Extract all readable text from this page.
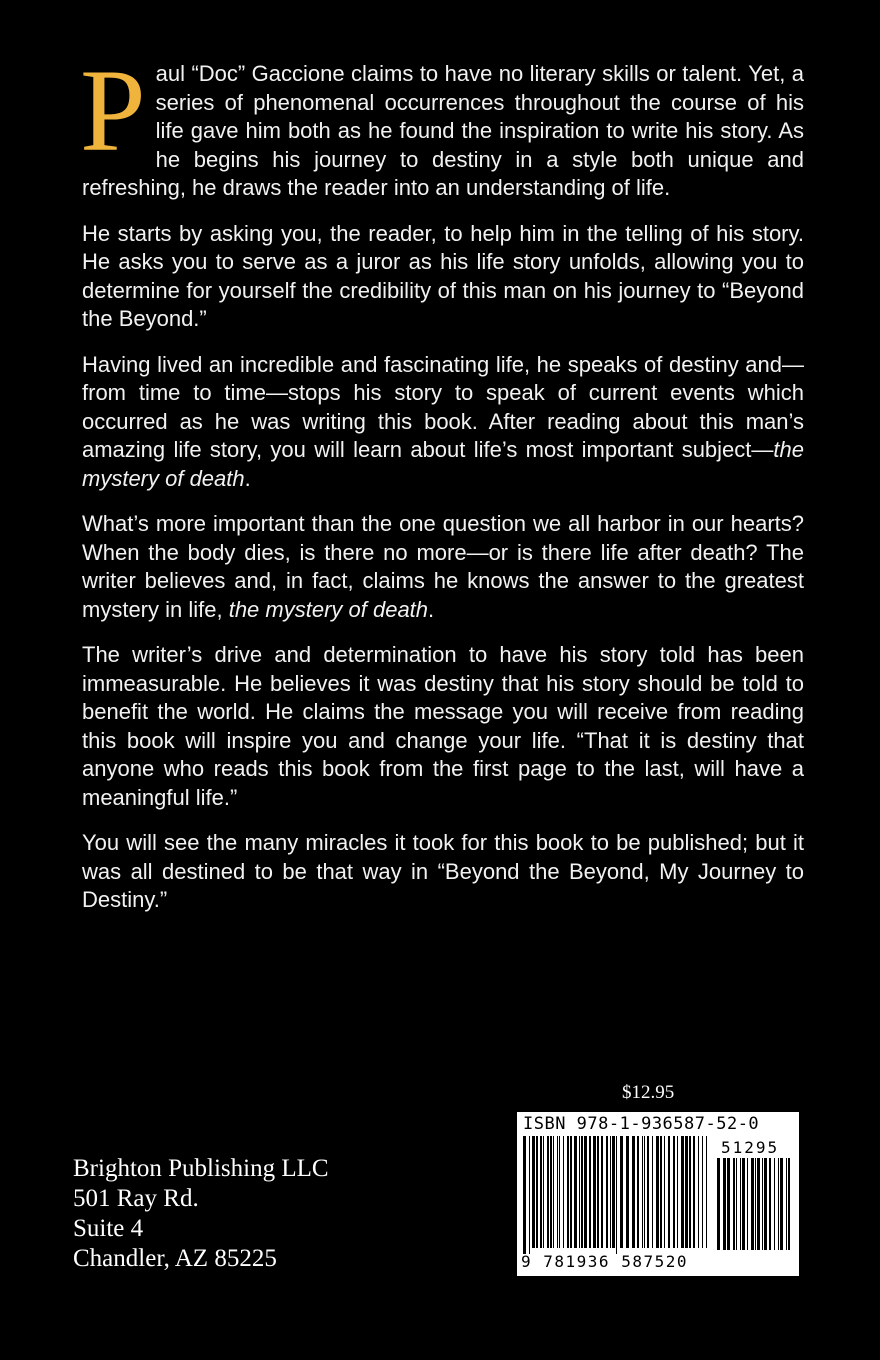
Paul “Doc” Gaccione claims to have no literary skills or talent. Yet, a series of phenomenal occurrences throughout the course of his life gave him both as he found the inspiration to write his story. As he begins his journey to destiny in a style both unique and refreshing, he draws the reader into an understanding of life.

He starts by asking you, the reader, to help him in the telling of his story. He asks you to serve as a juror as his life story unfolds, allowing you to determine for yourself the credibility of this man on his journey to “Beyond the Beyond.”

Having lived an incredible and fascinating life, he speaks of destiny and—from time to time—stops his story to speak of current events which occurred as he was writing this book. After reading about this man’s amazing life story, you will learn about life’s most important subject—the mystery of death.

What’s more important than the one question we all harbor in our hearts? When the body dies, is there no more—or is there life after death? The writer believes and, in fact, claims he knows the answer to the greatest mystery in life, the mystery of death.

The writer’s drive and determination to have his story told has been immeasurable. He believes it was destiny that his story should be told to benefit the world. He claims the message you will receive from reading this book will inspire you and change your life. “That it is destiny that anyone who reads this book from the first page to the last, will have a meaningful life.”

You will see the many miracles it took for this book to be published; but it was all destined to be that way in “Beyond the Beyond, My Journey to Destiny.”

$12.95
ISBN 978-1-936587-52-0
51295
9 781936 587520
Brighton Publishing LLC
501 Ray Rd.
Suite 4
Chandler, AZ 85225
